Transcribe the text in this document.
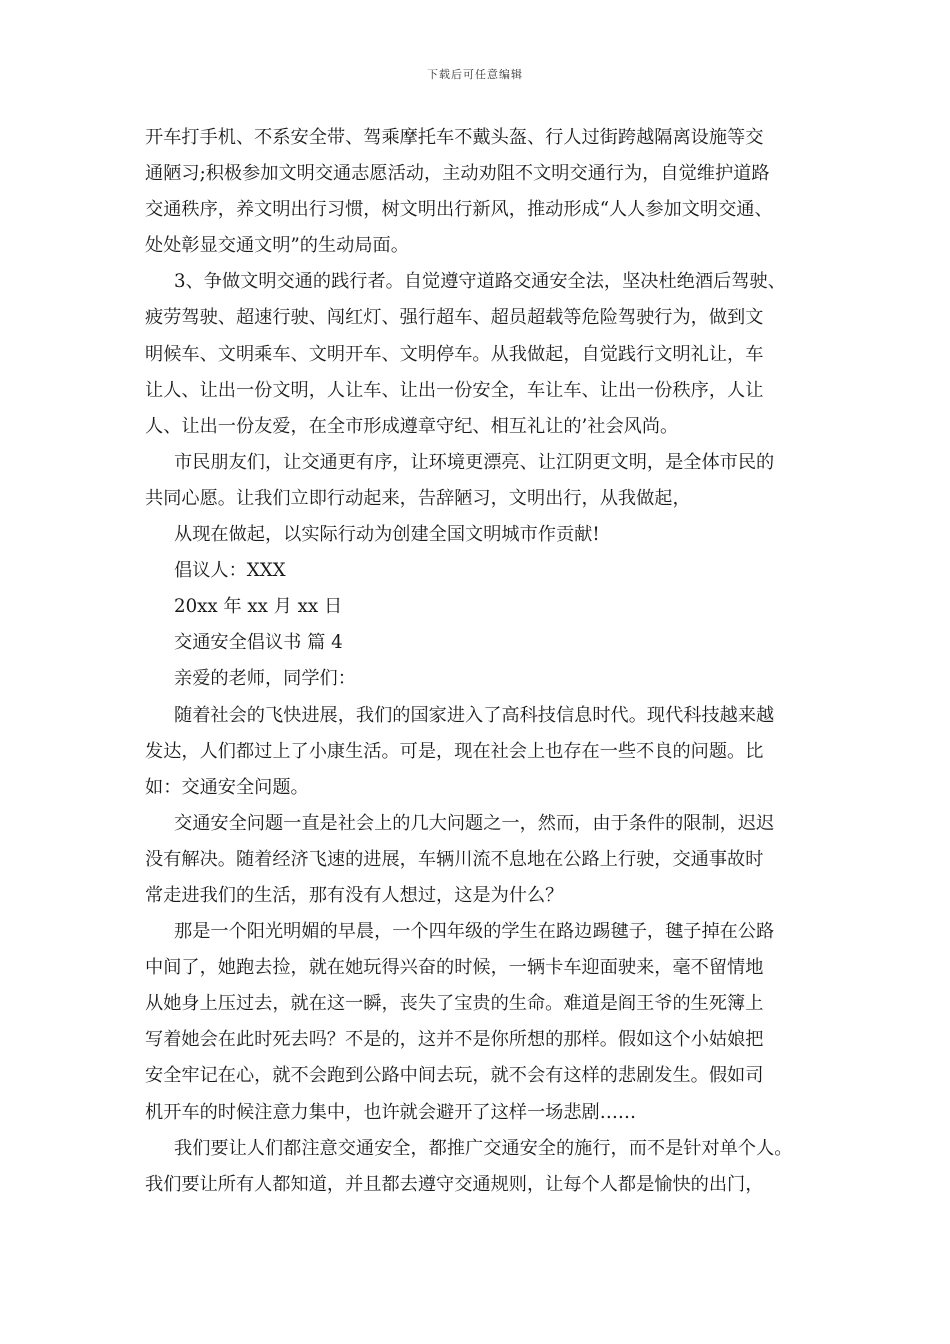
下载后可任意编辑
开车打手机、不系安全带、驾乘摩托车不戴头盔、行人过街跨越隔离设施等交
通陋习;积极参加文明交通志愿活动，主动劝阻不文明交通行为，自觉维护道路
交通秩序，养文明出行习惯，树文明出行新风，推动形成“人人参加文明交通、
处处彰显交通文明”的生动局面。
3、争做文明交通的践行者。自觉遵守道路交通安全法，坚决杜绝酒后驾驶、
疲劳驾驶、超速行驶、闯红灯、强行超车、超员超载等危险驾驶行为，做到文
明候车、文明乘车、文明开车、文明停车。从我做起，自觉践行文明礼让，车
让人、让出一份文明，人让车、让出一份安全，车让车、让出一份秩序，人让
人、让出一份友爱，在全市形成遵章守纪、相互礼让的’社会风尚。
市民朋友们，让交通更有序，让环境更漂亮、让江阴更文明，是全体市民的
共同心愿。让我们立即行动起来，告辞陋习，文明出行，从我做起，
从现在做起，以实际行动为创建全国文明城市作贡献!
倡议人：XXX
20xx 年 xx 月 xx 日
交通安全倡议书 篇 4
亲爱的老师，同学们：
随着社会的飞快进展，我们的国家进入了高科技信息时代。现代科技越来越
发达，人们都过上了小康生活。可是，现在社会上也存在一些不良的问题。比
如：交通安全问题。
交通安全问题一直是社会上的几大问题之一，然而，由于条件的限制，迟迟
没有解决。随着经济飞速的进展，车辆川流不息地在公路上行驶，交通事故时
常走进我们的生活，那有没有人想过，这是为什么？
那是一个阳光明媚的早晨，一个四年级的学生在路边踢毽子，毽子掉在公路
中间了，她跑去捡，就在她玩得兴奋的时候，一辆卡车迎面驶来，毫不留情地
从她身上压过去，就在这一瞬，丧失了宝贵的生命。难道是阎王爷的生死簿上
写着她会在此时死去吗？不是的，这并不是你所想的那样。假如这个小姑娘把
安全牢记在心，就不会跑到公路中间去玩，就不会有这样的悲剧发生。假如司
机开车的时候注意力集中，也许就会避开了这样一场悲剧……
我们要让人们都注意交通安全，都推广交通安全的施行，而不是针对单个人。
我们要让所有人都知道，并且都去遵守交通规则，让每个人都是愉快的出门，
